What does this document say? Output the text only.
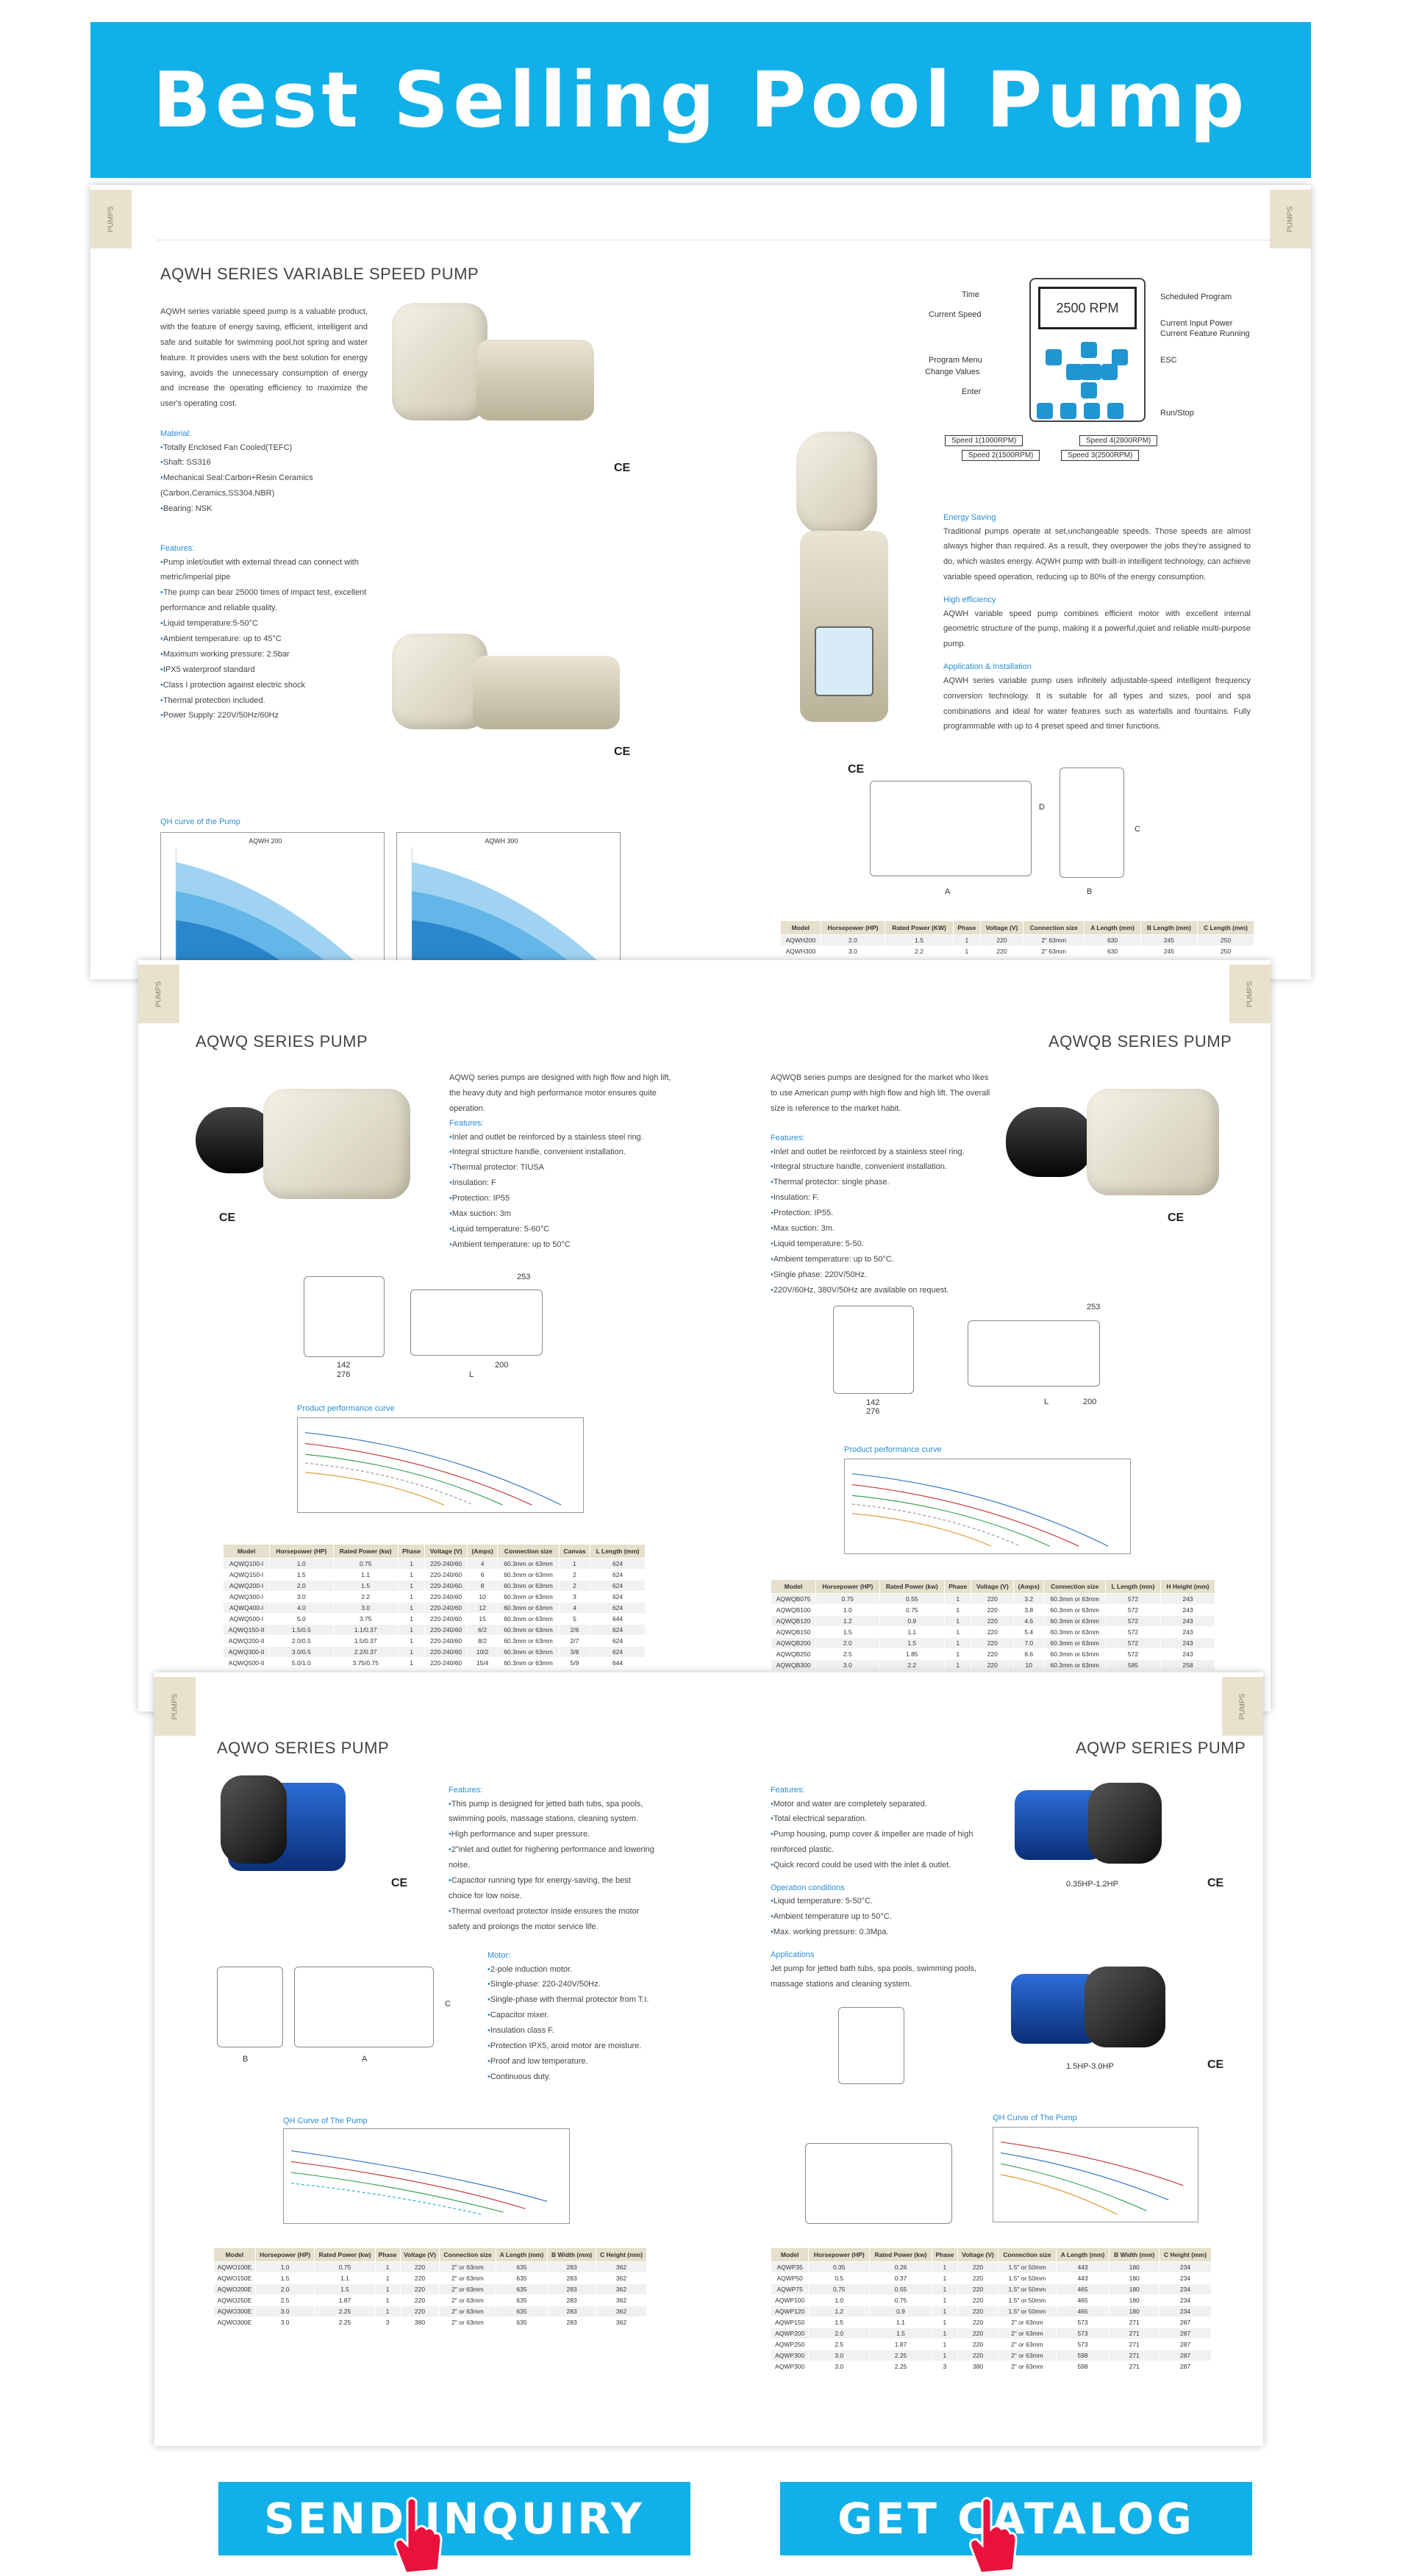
Best Selling Pool Pump
PUMPS	PUMPS
AQWH SERIES VARIABLE SPEED PUMP
AQWH series variable speed pump is a valuable product, with the feature of energy saving, efficient, intelligent and safe and suitable for swimming pool,hot spring and water feature. It provides users with the best solution for energy saving, avoids the unnecessary consumption of energy and increase the operating efficiency to maximize the user's operating cost.
Material:
• Totally Enclosed Fan Cooled(TEFC)
• Shaft: SS316
• Mechanical Seal:Carbon+Resin Ceramics (Carbon,Ceramics,SS304,NBR)
• Bearing: NSK
Features:
• Pump inlet/outlet with external thread can connect with metric/imperial pipe
• The pump can bear 25000 times of impact test, excellent performance and reliable quality.
• Liquid temperature:5-50°C
• Ambient temperature: up to 45°C
• Maximum working pressure: 2.5bar
• IPX5 waterproof standard
• Class I protection against electric shock
• Thermal protection included.
• Power Supply: 220V/50Hz/60Hz
CE
CE
QH curve of the Pump
AQWH 200	AQWH 300
2500 RPM
Time
Current Speed
Program Menu
Change Values
Enter
Scheduled Program
Current Input Power
Current Feature Running
ESC
Run/Stop
Speed 1(1000RPM)
Speed 2(1500RPM)	Speed 3(2500RPM)
Speed 4(2800RPM)
CE
Energy Saving
Traditional pumps operate at set,unchangeable speeds. Those speeds are almost always higher than required. As a result, they overpower the jobs they're assigned to do, which wastes energy. AQWH pump with built-in intelligent technology, can achieve variable speed operation, reducing up to 80% of the energy consumption.
High efficiency
AQWH variable speed pump combines efficient motor with excellent internal geometric structure of the pump, making it a powerful,quiet and reliable multi-purpose pump.
Application & Installation
AQWH series variable pump uses infinitely adjustable-speed intelligent frequency conversion technology. It is suitable for all types and sizes, pool and spa combinations and ideal for water features such as waterfalls and fountains. Fully programmable with up to 4 preset speed and timer functions.
A	B
C
D
Model	Horsepower (HP)	Rated Power (KW)	Phase	Voltage (V)	Connection size	A Length (mm)	B Length (mm)	C Length (mm)
AQWH200	2.0	1.5	1	220	2" 63mm	630	245	250
AQWH300	3.0	2.2	1	220	2" 63mm	630	245	250
PUMPS	PUMPS
AQWQ SERIES PUMP	AQWQB SERIES PUMP
AQWQ series pumps are designed with high flow and high lift, the heavy duty and high performance motor ensures quite operation.
Features:
• Inlet and outlet be reinforced by a stainless steel ring.
• Integral structure handle, convenient installation.
• Thermal protector: TIUSA
• Insulation: F
• Protection: IP55
• Max suction: 3m
• Liquid temperature: 5-60°C
• Ambient temperature: up to 50°C
AQWQB series pumps are designed for the market who likes to use American pump with high flow and high lift. The overall size is reference to the market habit.
Features:
• Inlet and outlet be reinforced by a stainless steel ring.
• Integral structure handle, convenient installation.
• Thermal protector: single phase.
• Insulation: F.
• Protection: IP55.
• Max suction: 3m.
• Liquid temperature: 5-50.
• Ambient temperature: up to 50°C.
• Single phase: 220V/50Hz.
• 220V/60Hz, 380V/50Hz are available on request.
CE	CE
253
276
142	200
L
253
276
142	200
L
Product performance curve
Product performance curve
Model	Horsepower (HP)	Rated Power (kw)	Phase	Voltage (V)	(Amps)	Connection size	Canvas	L Length (mm)
AQWQ100-I	1.0	0.75	1	220-240/60	4	60.3mm or 63mm	1	624
AQWQ150-I	1.5	1.1	1	220-240/60	6	60.3mm or 63mm	2	624
AQWQ200-I	2.0	1.5	1	220-240/60	8	60.3mm or 63mm	2	624
AQWQ300-I	3.0	2.2	1	220-240/60	10	60.3mm or 63mm	3	624
AQWQ400-I	4.0	3.0	1	220-240/60	12	60.3mm or 63mm	4	624
AQWQ500-I	5.0	3.75	1	220-240/60	15	60.3mm or 63mm	5	644
AQWQ150-II	1.5/0.5	1.1/0.37	1	220-240/60	6/2	60.3mm or 63mm	2/6	624
AQWQ200-II	2.0/0.5	1.5/0.37	1	220-240/60	8/2	60.3mm or 63mm	2/7	624
AQWQ300-II	3.0/0.5	2.2/0.37	1	220-240/60	10/2	60.3mm or 63mm	3/8	624
AQWQ500-II	5.0/1.0	3.75/0.75	1	220-240/60	15/4	60.3mm or 63mm	5/9	644
Model	Horsepower (HP)	Rated Power (kw)	Phase	Voltage (V)	(Amps)	Connection size	L Length (mm)	H Height (mm)
AQWQB075	0.75	0.55	1	220	3.2	60.3mm or 63mm	572	243
AQWQB100	1.0	0.75	1	220	3.8	60.3mm or 63mm	572	243
AQWQB120	1.2	0.9	1	220	4.6	60.3mm or 63mm	572	243
AQWQB150	1.5	1.1	1	220	5.4	60.3mm or 63mm	572	243
AQWQB200	2.0	1.5	1	220	7.0	60.3mm or 63mm	572	243
AQWQB250	2.5	1.85	1	220	8.6	60.3mm or 63mm	572	243
AQWQB300	3.0	2.2	1	220	10	60.3mm or 63mm	585	258
PUMPS	PUMPS
AQWO SERIES PUMP	AQWP SERIES PUMP
CE
Features:
• This pump is designed for jetted bath tubs, spa pools, swimming pools, massage stations, cleaning system.
• High performance and super pressure.
• 2"inlet and outlet for highering performance and lowering noise.
• Capacitor running type for energy-saving, the best choice for low noise.
• Thermal overload protector inside ensures the motor safety and prolongs the motor service life.
B	A
C
Motor:
• 2-pole induction motor.
• Single-phase: 220-240V/50Hz.
• Single-phase with thermal protector from T.I.
• Capacitor mixer.
• Insulation class F.
• Protection IPX5, aroid motor are moisture.
• Proof and low temperature.
• Continuous duty.
QH Curve of The Pump
Model	Horsepower (HP)	Rated Power (kw)	Phase	Voltage (V)	Connection size	A Length (mm)	B Width (mm)	C Height (mm)
AQWO100E	1.0	0.75	1	220	2" or 63mm	635	283	362
AQWO150E	1.5	1.1	1	220	2" or 63mm	635	283	362
AQWO200E	2.0	1.5	1	220	2" or 63mm	635	283	362
AQWO250E	2.5	1.87	1	220	2" or 63mm	635	283	362
AQWO300E	3.0	2.25	1	220	2" or 63mm	635	283	362
AQWO300E	3.0	2.25	3	380	2" or 63mm	635	283	362
Features:
• Motor and water are completely separated.
• Total electrical separation.
• Pump housing, pump cover & impeller are made of high reinforced plastic.
• Quick record could be used with the inlet & outlet.
Operation conditions
• Liquid temperature: 5-50°C.
• Ambient temperature up to 50°C.
• Max. working pressure: 0.3Mpa.
Applications
Jet pump for jetted bath tubs, spa pools, swimming pools, massage stations and cleaning system.
0.35HP-1.2HP	CE
1.5HP-3.0HP	CE
QH Curve of The Pump
Model	Horsepower (HP)	Rated Power (kw)	Phase	Voltage (V)	Connection size	A Length (mm)	B Width (mm)	C Height (mm)
AQWP35	0.35	0.26	1	220	1.5" or 50mm	443	180	234
AQWP50	0.5	0.37	1	220	1.5" or 50mm	443	180	234
AQWP75	0.75	0.55	1	220	1.5" or 50mm	465	180	234
AQWP100	1.0	0.75	1	220	1.5" or 50mm	465	180	234
AQWP120	1.2	0.9	1	220	1.5" or 50mm	465	180	234
AQWP150	1.5	1.1	1	220	2" or 63mm	573	271	287
AQWP200	2.0	1.5	1	220	2" or 63mm	573	271	287
AQWP250	2.5	1.87	1	220	2" or 63mm	573	271	287
AQWP300	3.0	2.25	1	220	2" or 63mm	598	271	287
AQWP300	3.0	2.25	3	380	2" or 63mm	598	271	287
SEND INQUIRY	GET CATALOG
